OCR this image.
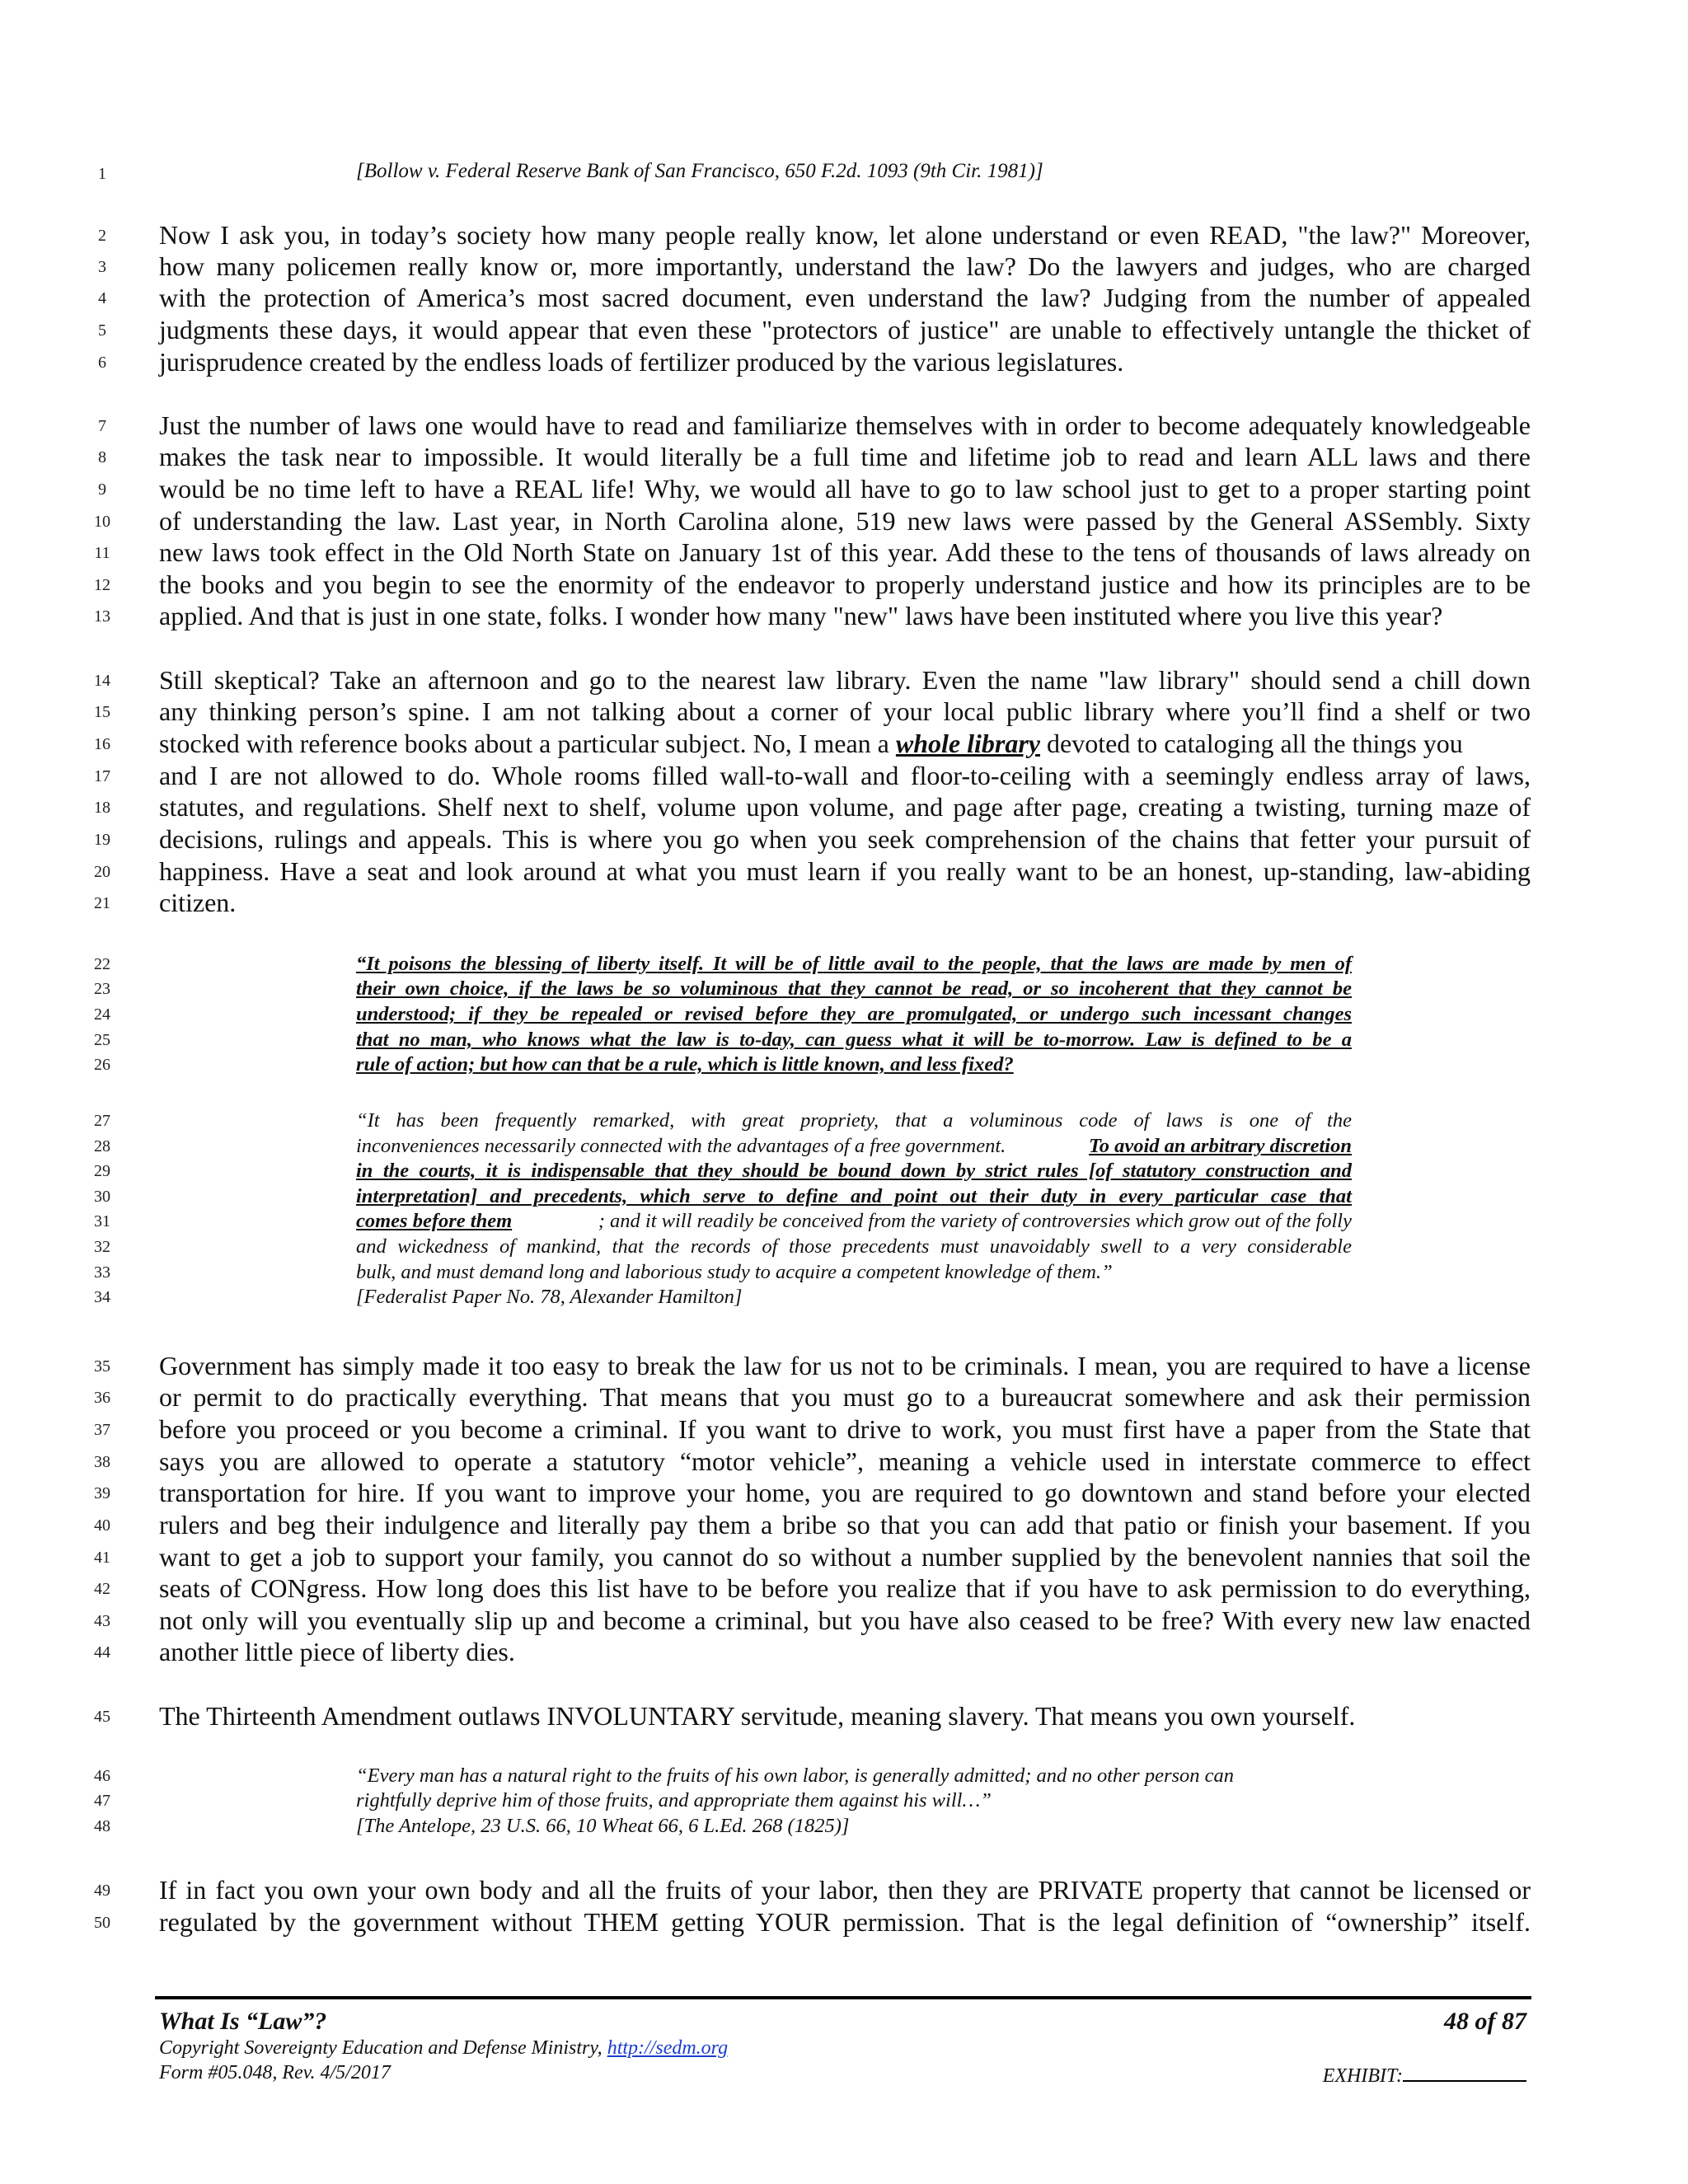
1
2
3
4
5
6
7
8
9
10
11
12
13
14
15
16
17
18
19
20
21
22
23
24
25
26
27
28
29
30
31
32
33
34
35
36
37
38
39
40
41
42
43
44
45
46
47
48
49
50
[Bollow v. Federal Reserve Bank of San Francisco, 650 F.2d. 1093 (9th Cir. 1981)]
Now I ask you, in today’s society how many people really know, let alone understand or even READ, "the law?" Moreover,
how many policemen really know or, more importantly, understand the law? Do the lawyers and judges, who are charged
with the protection of America’s most sacred document, even understand the law? Judging from the number of appealed
judgments these days, it would appear that even these "protectors of justice" are unable to effectively untangle the thicket of
jurisprudence created by the endless loads of fertilizer produced by the various legislatures.
Just the number of laws one would have to read and familiarize themselves with in order to become adequately knowledgeable
makes the task near to impossible. It would literally be a full time and lifetime job to read and learn ALL laws and there
would be no time left to have a REAL life! Why, we would all have to go to law school just to get to a proper starting point
of understanding the law. Last year, in North Carolina alone, 519 new laws were passed by the General ASSembly. Sixty
new laws took effect in the Old North State on January 1st of this year. Add these to the tens of thousands of laws already on
the books and you begin to see the enormity of the endeavor to properly understand justice and how its principles are to be
applied. And that is just in one state, folks. I wonder how many "new" laws have been instituted where you live this year?
Still skeptical? Take an afternoon and go to the nearest law library. Even the name "law library" should send a chill down
any thinking person’s spine. I am not talking about a corner of your local public library where you’ll find a shelf or two
stocked with reference books about a particular subject. No, I mean a whole library devoted to cataloging all the things you
and I are not allowed to do. Whole rooms filled wall-to-wall and floor-to-ceiling with a seemingly endless array of laws,
statutes, and regulations. Shelf next to shelf, volume upon volume, and page after page, creating a twisting, turning maze of
decisions, rulings and appeals. This is where you go when you seek comprehension of the chains that fetter your pursuit of
happiness. Have a seat and look around at what you must learn if you really want to be an honest, up-standing, law-abiding
citizen.
“It poisons the blessing of liberty itself. It will be of little avail to the people, that the laws are made by men of
their own choice, if the laws be so voluminous that they cannot be read, or so incoherent that they cannot be
understood; if they be repealed or revised before they are promulgated, or undergo such incessant changes
that no man, who knows what the law is to-day, can guess what it will be to-morrow. Law is defined to be a
rule of action; but how can that be a rule, which is little known, and less fixed?
“It has been frequently remarked, with great propriety, that a voluminous code of laws is one of the
inconveniences necessarily connected with the advantages of a free government.	To avoid an arbitrary discretion
in the courts, it is indispensable that they should be bound down by strict rules [of statutory construction and
interpretation] and precedents, which serve to define and point out their duty in every particular case that
comes before them	; and it will readily be conceived from the variety of controversies which grow out of the folly
and wickedness of mankind, that the records of those precedents must unavoidably swell to a very considerable
bulk, and must demand long and laborious study to acquire a competent knowledge of them.”
[Federalist Paper No. 78, Alexander Hamilton]
Government has simply made it too easy to break the law for us not to be criminals. I mean, you are required to have a license
or permit to do practically everything. That means that you must go to a bureaucrat somewhere and ask their permission
before you proceed or you become a criminal. If you want to drive to work, you must first have a paper from the State that
says you are allowed to operate a statutory “motor vehicle”, meaning a vehicle used in interstate commerce to effect
transportation for hire. If you want to improve your home, you are required to go downtown and stand before your elected
rulers and beg their indulgence and literally pay them a bribe so that you can add that patio or finish your basement. If you
want to get a job to support your family, you cannot do so without a number supplied by the benevolent nannies that soil the
seats of CONgress. How long does this list have to be before you realize that if you have to ask permission to do everything,
not only will you eventually slip up and become a criminal, but you have also ceased to be free? With every new law enacted
another little piece of liberty dies.
The Thirteenth Amendment outlaws INVOLUNTARY servitude, meaning slavery. That means you own yourself.
“Every man has a natural right to the fruits of his own labor, is generally admitted; and no other person can
rightfully deprive him of those fruits, and appropriate them against his will…”
[The Antelope, 23 U.S. 66, 10 Wheat 66, 6 L.Ed. 268 (1825)]
If in fact you own your own body and all the fruits of your labor, then they are PRIVATE property that cannot be licensed or
regulated by the government without THEM getting YOUR permission. That is the legal definition of “ownership” itself.
What Is “Law”?	48 of 87
Copyright Sovereignty Education and Defense Ministry, http://sedm.org
Form #05.048, Rev. 4/5/2017	EXHIBIT:
